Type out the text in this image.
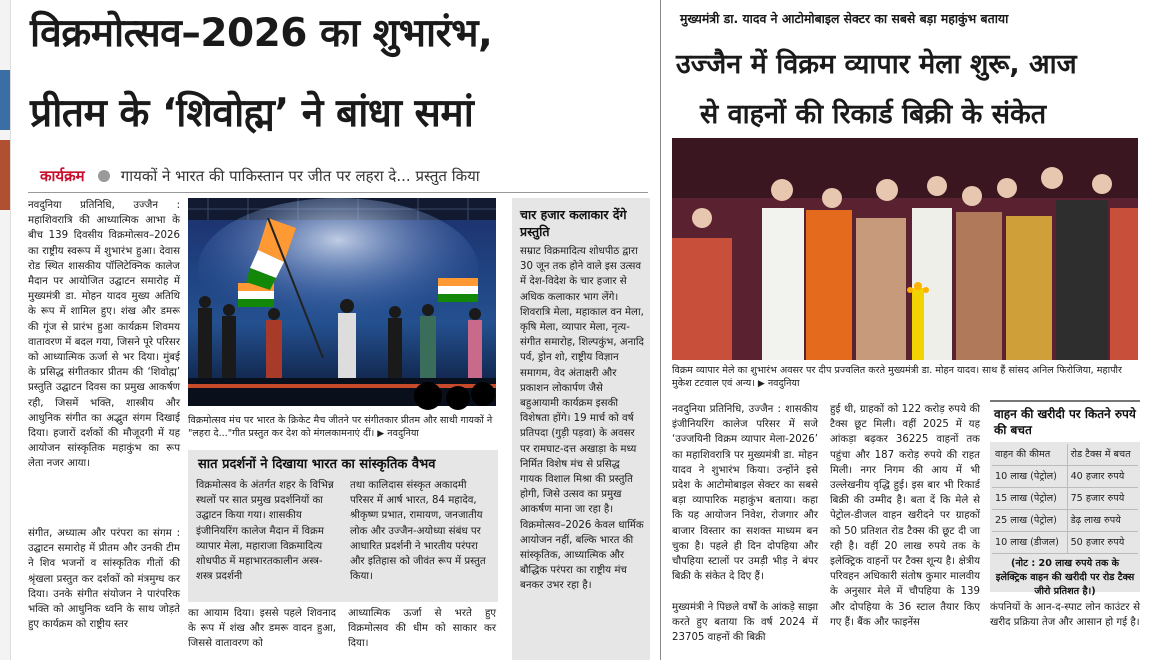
विक्रमोत्सव–2026 का शुभारंभ,
प्रीतम के ‘शिवोह्म’ ने बांधा समां
कार्यक्रम गायकों ने भारत की पाकिस्तान पर जीत पर लहरा दे... प्रस्तुत किया

नवदुनिया प्रतिनिधि, उज्जैन : महाशिवरात्रि की आध्यात्मिक आभा के बीच 139 दिवसीय विक्रमोत्सव–2026 का राष्ट्रीय स्वरूप में शुभारंभ हुआ। देवास रोड स्थित शासकीय पॉलिटेक्निक कालेज मैदान पर आयोजित उद्घाटन समारोह में मुख्यमंत्री डा. मोहन यादव मुख्य अतिथि के रूप में शामिल हुए। शंख और डमरू की गूंज से प्रारंभ हुआ कार्यक्रम शिवमय वातावरण में बदल गया, जिसने पूरे परिसर को आध्यात्मिक ऊर्जा से भर दिया। मुंबई के प्रसिद्ध संगीतकार प्रीतम की ‘शिवोह्म’ प्रस्तुति उद्घाटन दिवस का प्रमुख आकर्षण रही, जिसमें भक्ति, शास्त्रीय और आधुनिक संगीत का अद्भुत संगम दिखाई दिया। हजारों दर्शकों की मौजूदगी में यह आयोजन सांस्कृतिक महाकुंभ का रूप लेता नजर आया।

संगीत, अध्यात्म और परंपरा का संगम : उद्घाटन समारोह में प्रीतम और उनकी टीम ने शिव भजनों व सांस्कृतिक गीतों की श्रृंखला प्रस्तुत कर दर्शकों को मंत्रमुग्ध कर दिया। उनके संगीत संयोजन ने पारंपरिक भक्ति को आधुनिक ध्वनि के साथ जोड़ते हुए कार्यक्रम को राष्ट्रीय स्तर

विक्रमोत्सव मंच पर भारत के क्रिकेट मैच जीतने पर संगीतकार प्रीतम और साथी गायकों ने "लहरा दे..."गीत प्रस्तुत कर देश को मंगलकामनाएं दीं। ▶ नवदुनिया
सात प्रदर्शनों ने दिखाया भारत का सांस्कृतिक वैभव
विक्रमोत्सव के अंतर्गत शहर के विभिन्न स्थलों पर सात प्रमुख प्रदर्शनियों का उद्घाटन किया गया। शासकीय इंजीनियरिंग कालेज मैदान में विक्रम व्यापार मेला, महाराजा विक्रमादित्य शोधपीठ में महाभारतकालीन अस्त्र-शस्त्र प्रदर्शनी
तथा कालिदास संस्कृत अकादमी परिसर में आर्ष भारत, 84 महादेव, श्रीकृष्ण प्रभात, रामायण, जनजातीय लोक और उज्जैन-अयोध्या संबंध पर आधारित प्रदर्शनी ने भारतीय परंपरा और इतिहास को जीवंत रूप में प्रस्तुत किया।
का आयाम दिया। इससे पहले शिवनाद के रूप में शंख और डमरू वादन हुआ, जिससे वातावरण को
आध्यात्मिक ऊर्जा से भरते हुए विक्रमोत्सव की धीम को साकार कर दिया।
चार हजार कलाकार देंगे प्रस्तुति
सम्राट विक्रमादित्य शोधपीठ द्वारा 30 जून तक होने वाले इस उत्सव में देश-विदेश के चार हजार से अधिक कलाकार भाग लेंगे। शिवरात्रि मेला, महाकाल वन मेला, कृषि मेला, व्यापार मेला, नृत्य-संगीत समारोह, शिल्पकुंभ, अनादि पर्व, ड्रोन शो, राष्ट्रीय विज्ञान समागम, वेद अंताक्षरी और प्रकाशन लोकार्पण जैसे बहुआयामी कार्यक्रम इसकी विशेषता होंगे। 19 मार्च को वर्ष प्रतिपदा (गुड़ी पड़वा) के अवसर पर रामघाट-दत्त अखाड़ा के मध्य निर्मित विशेष मंच से प्रसिद्ध गायक विशाल मिश्रा की प्रस्तुति होगी, जिसे उत्सव का प्रमुख आकर्षण माना जा रहा है। विक्रमोत्सव–2026 केवल धार्मिक आयोजन नहीं, बल्कि भारत की सांस्कृतिक, आध्यात्मिक और बौद्धिक परंपरा का राष्ट्रीय मंच बनकर उभर रहा है।
मुख्यमंत्री डा. यादव ने आटोमोबाइल सेक्टर का सबसे बड़ा महाकुंभ बताया
उज्जैन में विक्रम व्यापार मेला शुरू, आज
से वाहनों की रिकार्ड बिक्री के संकेत
विक्रम व्यापार मेले का शुभारंभ अवसर पर दीप प्रज्वलित करते मुख्यमंत्री डा. मोहन यादव। साथ हैं सांसद अनिल फिरोजिया, महापौर मुकेश टटवाल एवं अन्य। ▶ नवदुनिया

नवदुनिया प्रतिनिधि, उज्जैन : शासकीय इंजीनियरिंग कालेज परिसर में सजे ‘उज्जयिनी विक्रम व्यापार मेला-2026’ का महाशिवरात्रि पर मुख्यमंत्री डा. मोहन यादव ने शुभारंभ किया। उन्होंने इसे प्रदेश के आटोमोबाइल सेक्टर का सबसे बड़ा व्यापारिक महाकुंभ बताया। कहा कि यह आयोजन निवेश, रोजगार और बाजार विस्तार का सशक्त माध्यम बन चुका है। पहले ही दिन दोपहिया और चौपहिया स्टालों पर उमड़ी भीड़ ने बंपर बिक्री के संकेत दे दिए हैं।

मुख्यमंत्री ने पिछले वर्षों के आंकड़े साझा करते हुए बताया कि वर्ष 2024 में 23705 वाहनों की बिक्री

हुई थी, ग्राहकों को 122 करोड़ रुपये की टैक्स छूट मिली। वहीं 2025 में यह आंकड़ा बढ़कर 36225 वाहनों तक पहुंचा और 187 करोड़ रुपये की राहत मिली। नगर निगम की आय में भी उल्लेखनीय वृद्धि हुई। इस बार भी रिकार्ड बिक्री की उम्मीद है। बता दें कि मेले से पेट्रोल-डीजल वाहन खरीदने पर ग्राहकों को 50 प्रतिशत रोड टैक्स की छूट दी जा रही है। वहीं 20 लाख रुपये तक के इलेक्ट्रिक वाहनों पर टैक्स शून्य है। क्षेत्रीय परिवहन अधिकारी संतोष कुमार मालवीय के अनुसार मेले में चौपहिया के 139 और दोपहिया के 36 स्टाल तैयार किए गए हैं। बैंक और फाइनेंस

वाहन की खरीदी पर कितने रुपये की बचत
वाहन की कीमत	रोड टैक्स में बचत
10 लाख (पेट्रोल)	40 हजार रुपये
15 लाख (पेट्रोल)	75 हजार रुपये
25 लाख (पेट्रोल)	डेढ़ लाख रुपये
10 लाख (डीजल)	50 हजार रुपये
(नोट : 20 लाख रुपये तक के इलेक्ट्रिक वाहन की खरीदी पर रोड टैक्स जीरो प्रतिशत है।)
कंपनियों के आन-द-स्पाट लोन काउंटर से खरीद प्रक्रिया तेज और आसान हो गई है।
